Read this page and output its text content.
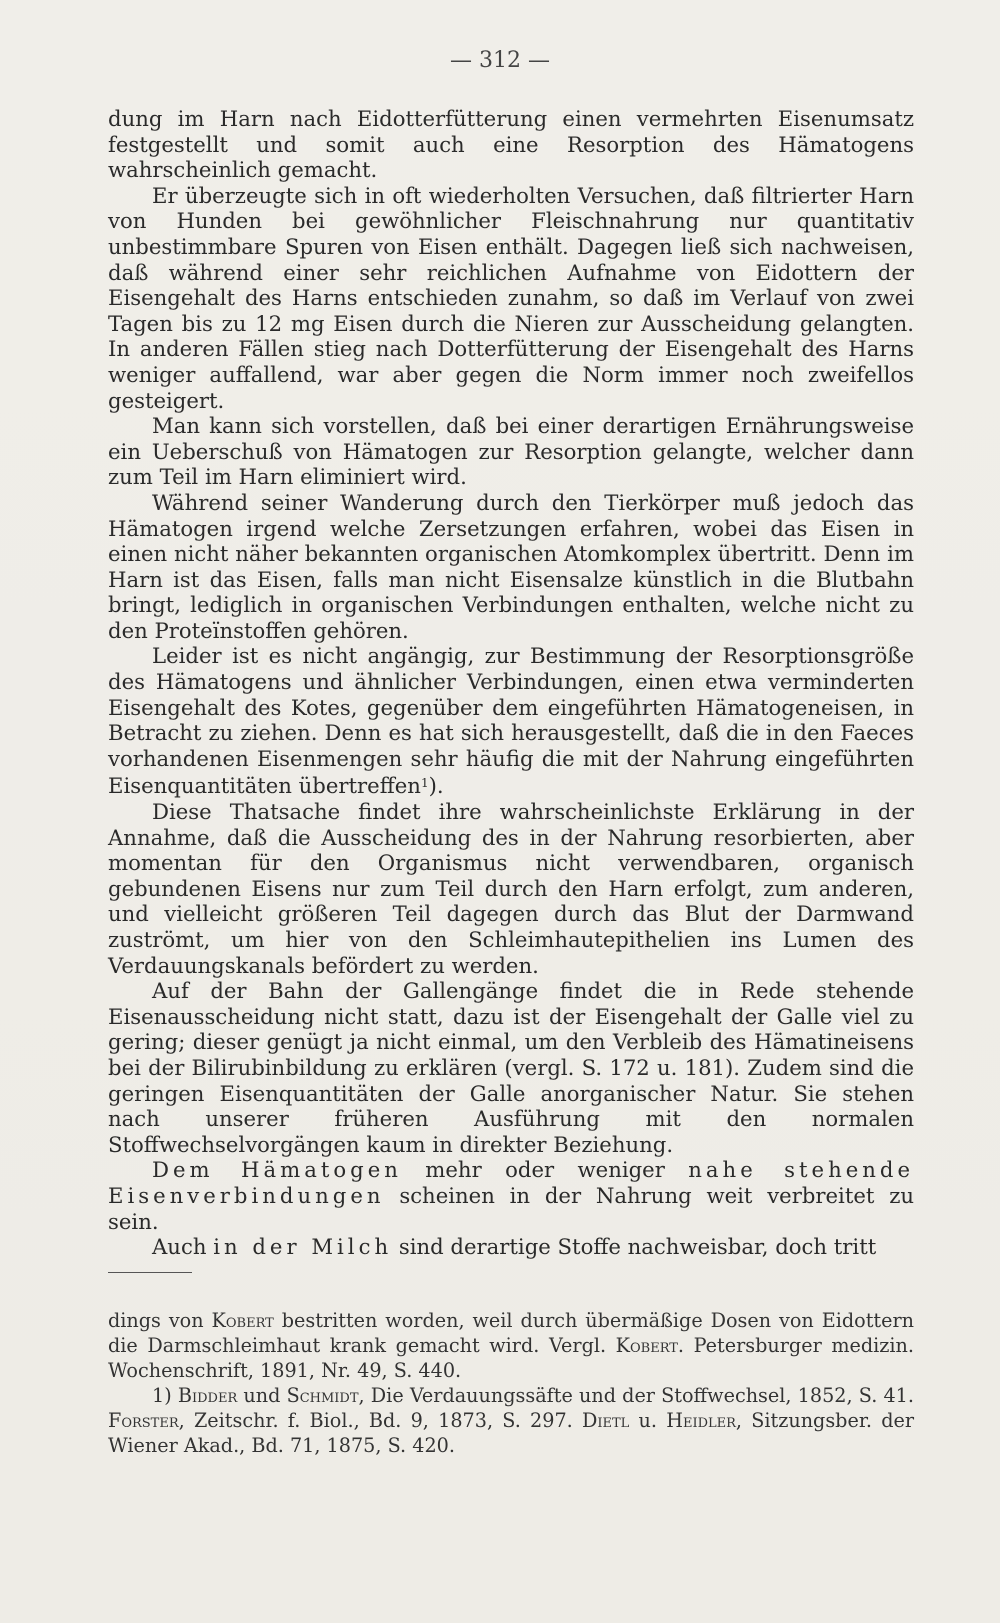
— 312 —

dung im Harn nach Eidotterfütterung einen vermehrten Eisenumsatz festgestellt und somit auch eine Resorption des Hämatogens wahrscheinlich gemacht.

Er überzeugte sich in oft wiederholten Versuchen, daß filtrierter Harn von Hunden bei gewöhnlicher Fleischnahrung nur quantitativ unbestimmbare Spuren von Eisen enthält. Dagegen ließ sich nachweisen, daß während einer sehr reichlichen Aufnahme von Eidottern der Eisengehalt des Harns entschieden zunahm, so daß im Verlauf von zwei Tagen bis zu 12 mg Eisen durch die Nieren zur Ausscheidung gelangten. In anderen Fällen stieg nach Dotterfütterung der Eisengehalt des Harns weniger auffallend, war aber gegen die Norm immer noch zweifellos gesteigert.

Man kann sich vorstellen, daß bei einer derartigen Ernährungsweise ein Ueberschuß von Hämatogen zur Resorption gelangte, welcher dann zum Teil im Harn eliminiert wird.

Während seiner Wanderung durch den Tierkörper muß jedoch das Hämatogen irgend welche Zersetzungen erfahren, wobei das Eisen in einen nicht näher bekannten organischen Atomkomplex übertritt. Denn im Harn ist das Eisen, falls man nicht Eisensalze künstlich in die Blutbahn bringt, lediglich in organischen Verbindungen enthalten, welche nicht zu den Proteïnstoffen gehören.

Leider ist es nicht angängig, zur Bestimmung der Resorptionsgröße des Hämatogens und ähnlicher Verbindungen, einen etwa verminderten Eisengehalt des Kotes, gegenüber dem eingeführten Hämatogeneisen, in Betracht zu ziehen. Denn es hat sich herausgestellt, daß die in den Faeces vorhandenen Eisenmengen sehr häufig die mit der Nahrung eingeführten Eisenquantitäten übertreffen$^1$).

Diese Thatsache findet ihre wahrscheinlichste Erklärung in der Annahme, daß die Ausscheidung des in der Nahrung resorbierten, aber momentan für den Organismus nicht verwendbaren, organisch gebundenen Eisens nur zum Teil durch den Harn erfolgt, zum anderen, und vielleicht größeren Teil dagegen durch das Blut der Darmwand zuströmt, um hier von den Schleimhautepithelien ins Lumen des Verdauungskanals befördert zu werden.

Auf der Bahn der Gallengänge findet die in Rede stehende Eisenausscheidung nicht statt, dazu ist der Eisengehalt der Galle viel zu gering; dieser genügt ja nicht einmal, um den Verbleib des Hämatineisens bei der Bilirubinbildung zu erklären (vergl. S. 172 u. 181). Zudem sind die geringen Eisenquantitäten der Galle anorganischer Natur. Sie stehen nach unserer früheren Ausführung mit den normalen Stoffwechselvorgängen kaum in direkter Beziehung.

Dem Hämatogen mehr oder weniger nahe stehende Eisenverbindungen scheinen in der Nahrung weit verbreitet zu sein.

Auch in der Milch sind derartige Stoffe nachweisbar, doch tritt

dings von Kobert bestritten worden, weil durch übermäßige Dosen von Eidottern die Darmschleimhaut krank gemacht wird. Vergl. Kobert. Petersburger medizin. Wochenschrift, 1891, Nr. 49, S. 440.

1) Bidder und Schmidt, Die Verdauungssäfte und der Stoffwechsel, 1852, S. 41. Forster, Zeitschr. f. Biol., Bd. 9, 1873, S. 297. Dietl u. Heidler, Sitzungsber. der Wiener Akad., Bd. 71, 1875, S. 420.
